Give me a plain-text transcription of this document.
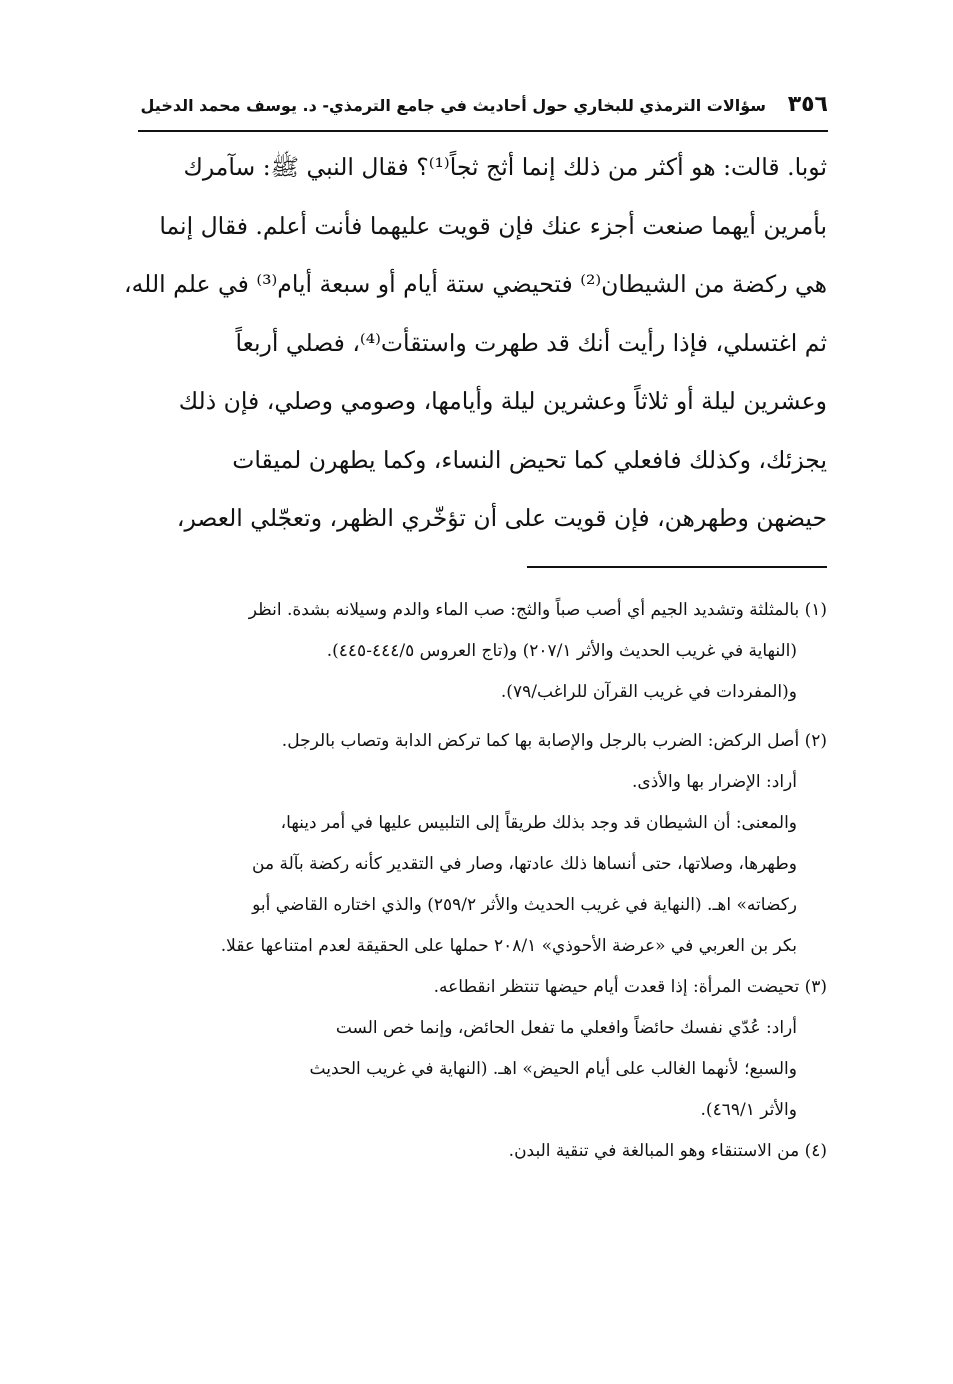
٣٥٦
سؤالات الترمذي للبخاري حول أحاديث في جامع الترمذي- د. يوسف محمد الدخيل
ثوبا. قالت: هو أكثر من ذلك إنما أثج ثجاً⁽¹⁾؟ فقال النبي ﷺ: سآمرك
بأمرين أيهما صنعت أجزء عنك فإن قويت عليهما فأنت أعلم. فقال إنما
هي ركضة من الشيطان⁽²⁾ فتحيضي ستة أيام أو سبعة أيام⁽³⁾ في علم الله،
ثم اغتسلي، فإذا رأيت أنك قد طهرت واستقأت⁽⁴⁾، فصلي أربعاً
وعشرين ليلة أو ثلاثاً وعشرين ليلة وأيامها، وصومي وصلي، فإن ذلك
يجزئك، وكذلك فافعلي كما تحيض النساء، وكما يطهرن لميقات
حيضهن وطهرهن، فإن قويت على أن تؤخّري الظهر، وتعجّلي العصر،
(١) بالمثلثة وتشديد الجيم أي أصب صباً والثج: صب الماء والدم وسيلانه بشدة. انظر
(النهاية في غريب الحديث والأثر ٢٠٧/١) و(تاج العروس ٤٤٤/٥-٤٤٥).
و(المفردات في غريب القرآن للراغب/٧٩).
(٢) أصل الركض: الضرب بالرجل والإصابة بها كما تركض الدابة وتصاب بالرجل.
أراد: الإضرار بها والأذى.
والمعنى: أن الشيطان قد وجد بذلك طريقاً إلى التلبيس عليها في أمر دينها،
وطهرها، وصلاتها، حتى أنساها ذلك عادتها، وصار في التقدير كأنه ركضة بآلة من
ركضاته» اهـ. (النهاية في غريب الحديث والأثر ٢٥٩/٢) والذي اختاره القاضي أبو
بكر بن العربي في «عرضة الأحوذي» ٢٠٨/١ حملها على الحقيقة لعدم امتناعها عقلا.
(٣) تحيضت المرأة: إذا قعدت أيام حيضها تنتظر انقطاعه.
أراد: عُدّي نفسك حائضاً وافعلي ما تفعل الحائض، وإنما خص الست
والسبع؛ لأنهما الغالب على أيام الحيض» اهـ. (النهاية في غريب الحديث
والأثر ٤٦٩/١).
(٤) من الاستنقاء وهو المبالغة في تنقية البدن.
